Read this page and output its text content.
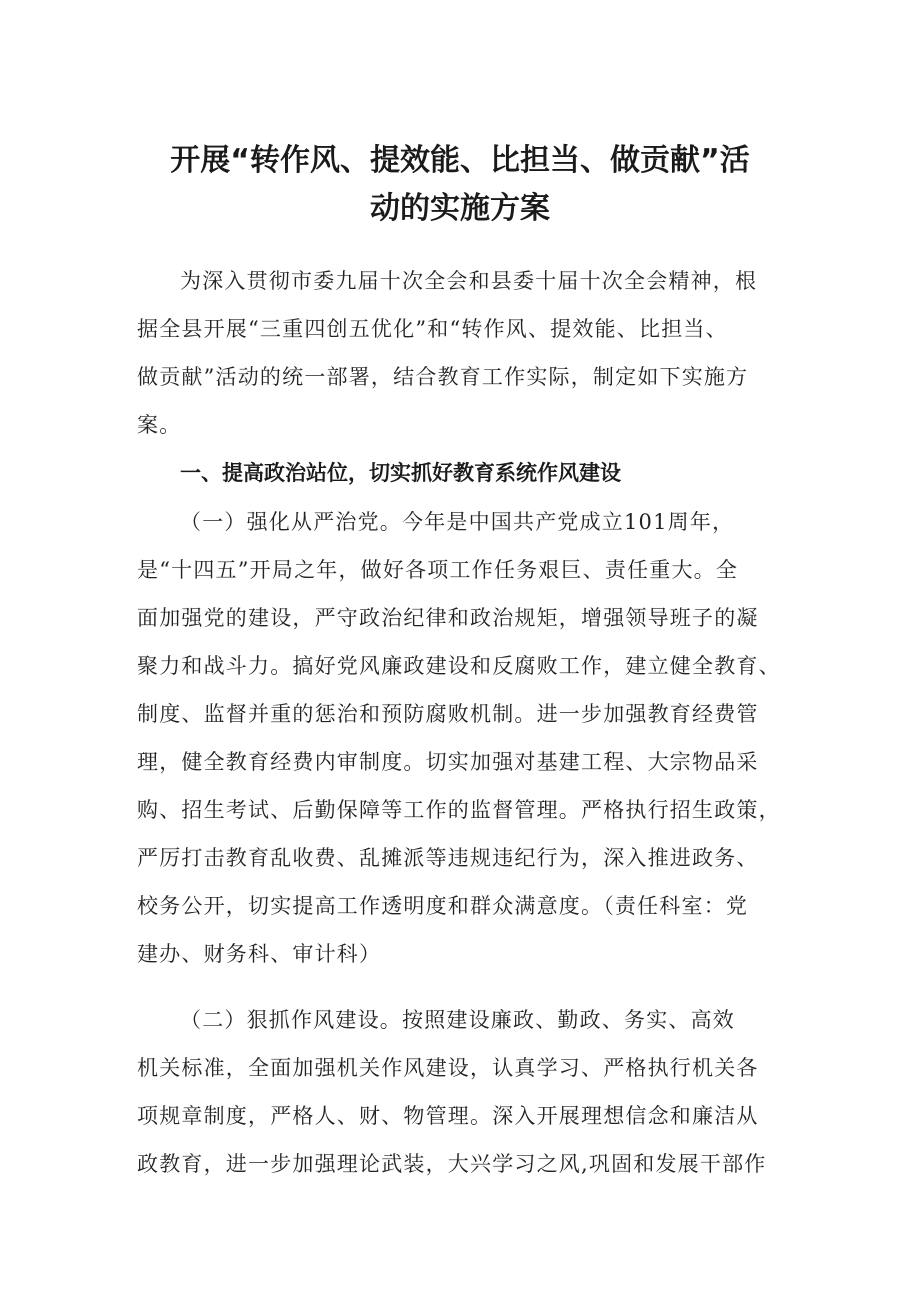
开展“转作风、提效能、比担当、做贡献”活
动的实施方案
为深入贯彻市委九届十次全会和县委十届十次全会精神，根
据全县开展“三重四创五优化”和“转作风、提效能、比担当、
做贡献”活动的统一部署，结合教育工作实际，制定如下实施方
案。
一、提高政治站位，切实抓好教育系统作风建设
（一）强化从严治党。今年是中国共产党成立101周年，
是“十四五”开局之年，做好各项工作任务艰巨、责任重大。全
面加强党的建设，严守政治纪律和政治规矩，增强领导班子的凝
聚力和战斗力。搞好党风廉政建设和反腐败工作，建立健全教育、
制度、监督并重的惩治和预防腐败机制。进一步加强教育经费管
理，健全教育经费内审制度。切实加强对基建工程、大宗物品采
购、招生考试、后勤保障等工作的监督管理。严格执行招生政策，
严厉打击教育乱收费、乱摊派等违规违纪行为，深入推进政务、
校务公开，切实提高工作透明度和群众满意度。（责任科室：党
建办、财务科、审计科）
（二）狠抓作风建设。按照建设廉政、勤政、务实、高效
机关标准，全面加强机关作风建设，认真学习、严格执行机关各
项规章制度，严格人、财、物管理。深入开展理想信念和廉洁从
政教育，进一步加强理论武装，大兴学习之风,巩固和发展干部作
